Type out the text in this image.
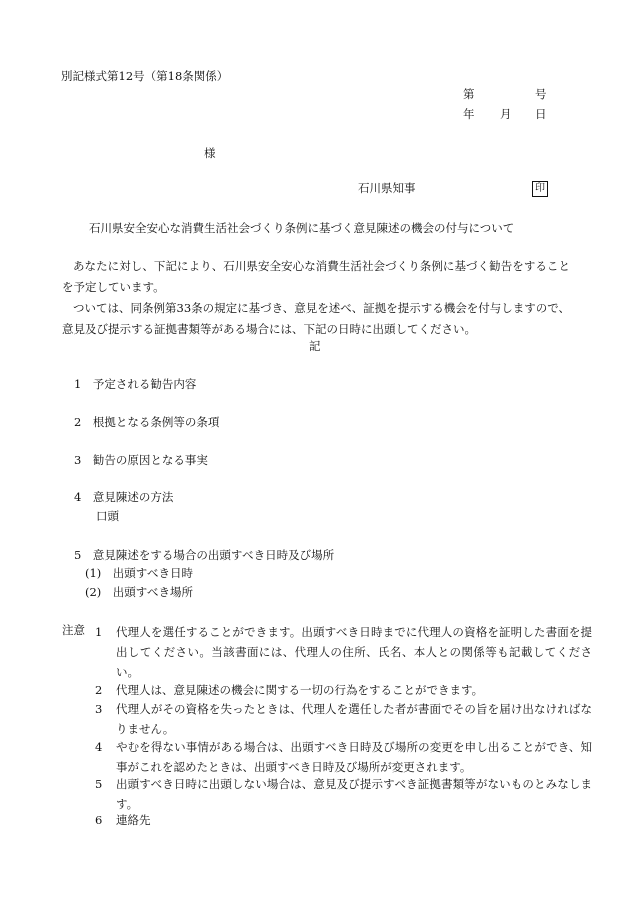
別記様式第12号（第18条関係）
第	号
年 月 日
様
石川県知事	印
石川県安全安心な消費生活社会づくり条例に基づく意見陳述の機会の付与について

あなたに対し、下記により、石川県安全安心な消費生活社会づくり条例に基づく勧告をすることを予定しています。

ついては、同条例第33条の規定に基づき、意見を述べ、証拠を提示する機会を付与しますので、意見及び提示する証拠書類等がある場合には、下記の日時に出頭してください。

記
1　予定される勧告内容
2　根拠となる条例等の条項
3　勧告の原因となる事実
4　意見陳述の方法
口頭
5　意見陳述をする場合の出頭すべき日時及び場所
(1)　出頭すべき日時
(2)　出頭すべき場所
注意 1 代理人を選任することができます。出頭すべき日時までに代理人の資格を証明した書面を提出してください。当該書面には、代理人の住所、氏名、本人との関係等も記載してください。
2 代理人は、意見陳述の機会に関する一切の行為をすることができます。
3 代理人がその資格を失ったときは、代理人を選任した者が書面でその旨を届け出なければなりません。
4 やむを得ない事情がある場合は、出頭すべき日時及び場所の変更を申し出ることができ、知事がこれを認めたときは、出頭すべき日時及び場所が変更されます。
5 出頭すべき日時に出頭しない場合は、意見及び提示すべき証拠書類等がないものとみなします。
6 連絡先
